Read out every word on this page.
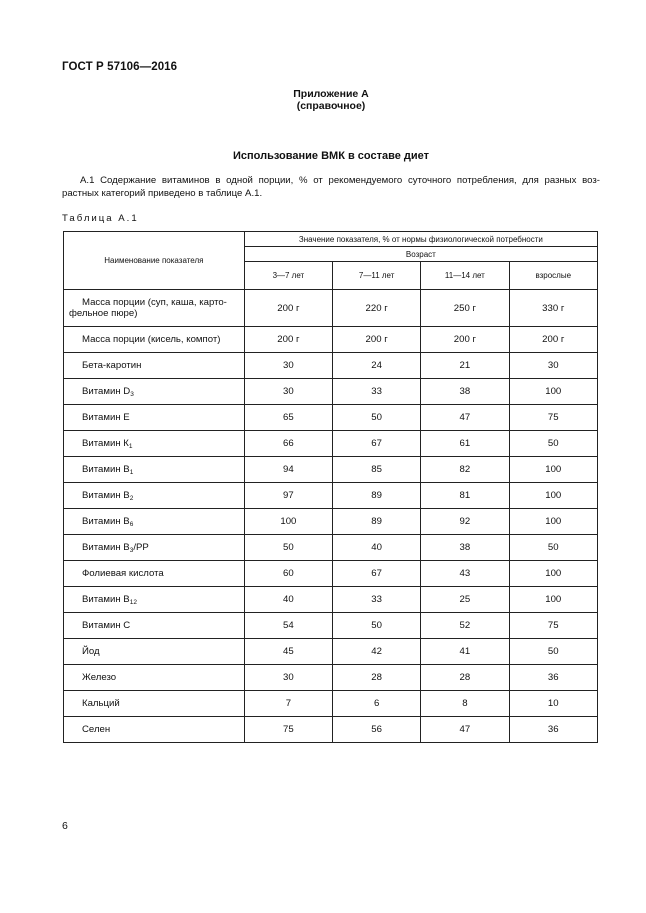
ГОСТ Р 57106—2016
Приложение А
(справочное)
Использование ВМК в составе диет
А.1 Содержание витаминов в одной порции, % от рекомендуемого суточного потребления, для разных воз-
растных категорий приведено в таблице А.1.
Таблица А.1
Наименование показателя	Значение показателя, % от нормы физиологической потребности			
	Возраст			
	3—7 лет	7—11 лет	11—14 лет	взрослые
Масса порции (суп, каша, карто-
фельное пюре)	200 г	220 г	250 г	330 г
Масса порции (кисель, компот)	200 г	200 г	200 г	200 г
Бета-каротин	30	24	21	30
Витамин $D_3$	30	33	38	100
Витамин Е	65	50	47	75
Витамин $К_1$	66	67	61	50
Витамин $В_1$	94	85	82	100
Витамин $В_2$	97	89	81	100
Витамин $В_6$	100	89	92	100
Витамин $В_3/РР$	50	40	38	50
Фолиевая кислота	60	67	43	100
Витамин $В_{12}$	40	33	25	100
Витамин С	54	50	52	75
Йод	45	42	41	50
Железо	30	28	28	36
Кальций	7	6	8	10
Селен	75	56	47	36
6
